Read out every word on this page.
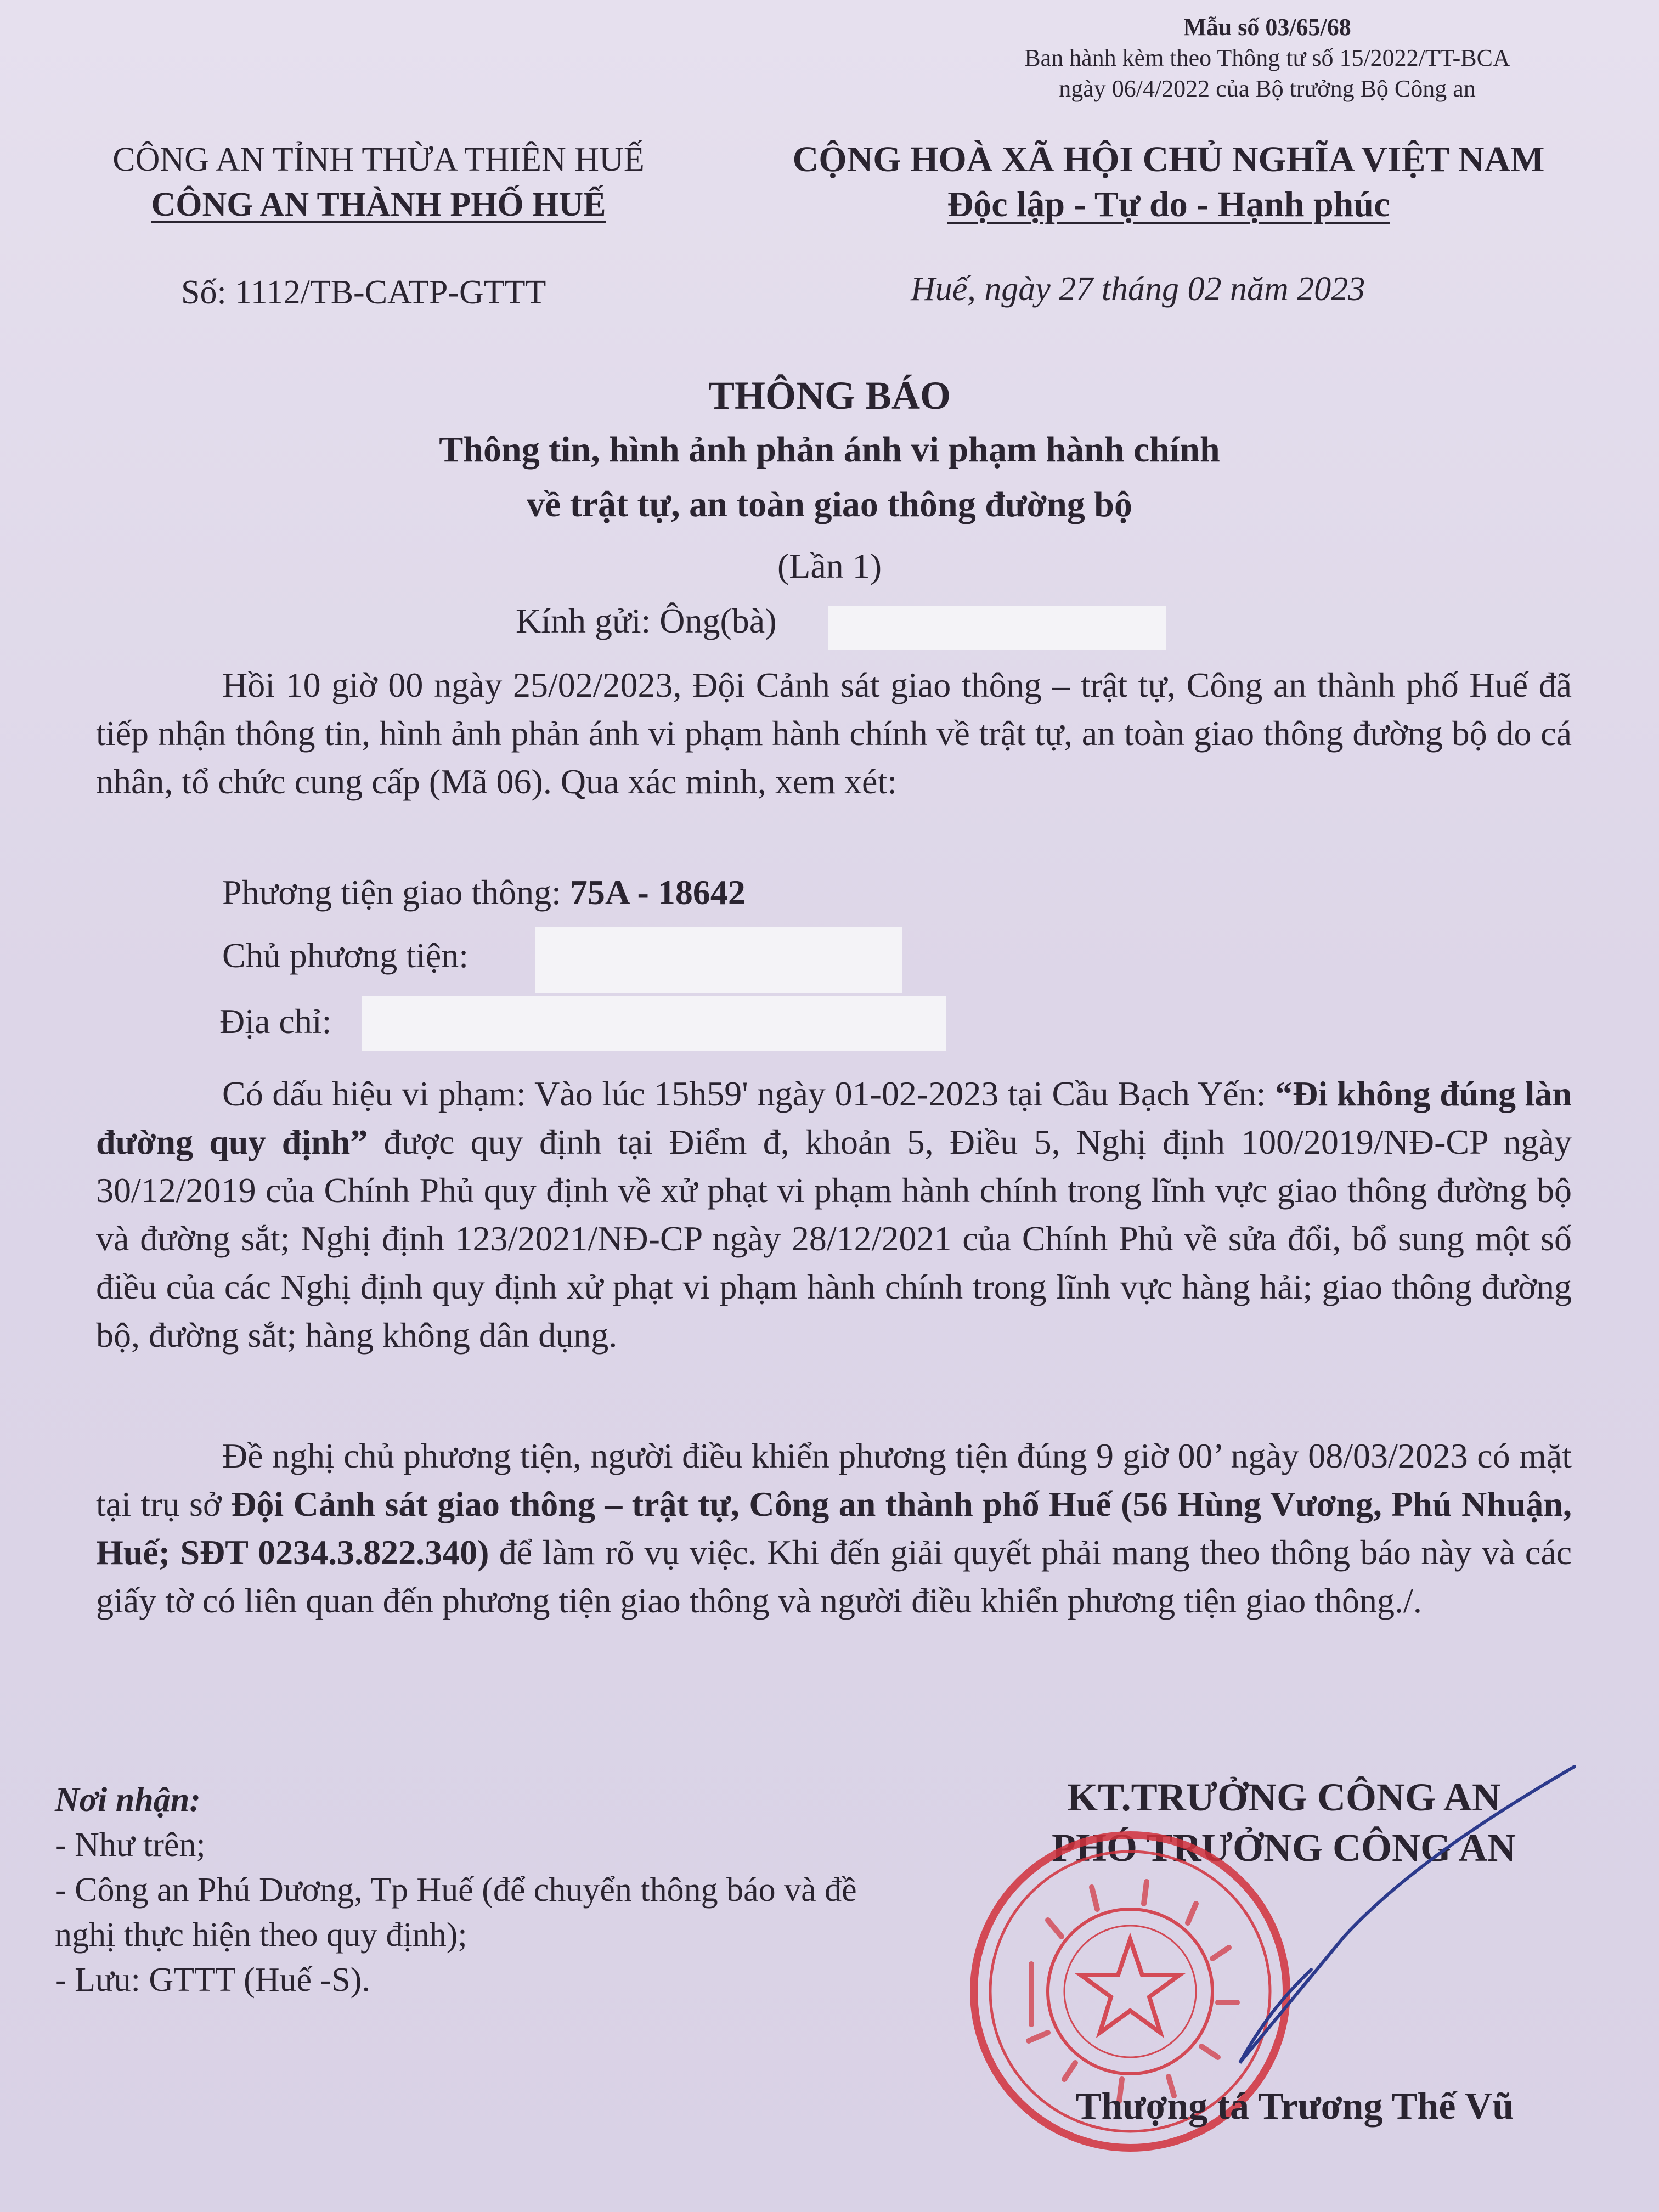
Mẫu số 03/65/68
Ban hành kèm theo Thông tư số 15/2022/TT-BCA
ngày 06/4/2022 của Bộ trưởng Bộ Công an
CÔNG AN TỈNH THỪA THIÊN HUẾ
CÔNG AN THÀNH PHỐ HUẾ
Số: 1112/TB-CATP-GTTT
CỘNG HOÀ XÃ HỘI CHỦ NGHĨA VIỆT NAM
Độc lập - Tự do - Hạnh phúc
Huế, ngày 27 tháng 02 năm 2023
THÔNG BÁO
Thông tin, hình ảnh phản ánh vi phạm hành chính
về trật tự, an toàn giao thông đường bộ
(Lần 1)
Kính gửi: Ông(bà)

Hồi 10 giờ 00 ngày 25/02/2023, Đội Cảnh sát giao thông – trật tự, Công an thành phố Huế đã tiếp nhận thông tin, hình ảnh phản ánh vi phạm hành chính về trật tự, an toàn giao thông đường bộ do cá nhân, tổ chức cung cấp (Mã 06). Qua xác minh, xem xét:

Phương tiện giao thông: 75A - 18642
Chủ phương tiện:
Địa chỉ:

Có dấu hiệu vi phạm: Vào lúc 15h59' ngày 01-02-2023 tại Cầu Bạch Yến: “Đi không đúng làn đường quy định” được quy định tại Điểm đ, khoản 5, Điều 5, Nghị định 100/2019/NĐ-CP ngày 30/12/2019 của Chính Phủ quy định về xử phạt vi phạm hành chính trong lĩnh vực giao thông đường bộ và đường sắt; Nghị định 123/2021/NĐ-CP ngày 28/12/2021 của Chính Phủ về sửa đổi, bổ sung một số điều của các Nghị định quy định xử phạt vi phạm hành chính trong lĩnh vực hàng hải; giao thông đường bộ, đường sắt; hàng không dân dụng.

Đề nghị chủ phương tiện, người điều khiển phương tiện đúng 9 giờ 00’ ngày 08/03/2023 có mặt tại trụ sở Đội Cảnh sát giao thông – trật tự, Công an thành phố Huế (56 Hùng Vương, Phú Nhuận, Huế; SĐT 0234.3.822.340) để làm rõ vụ việc. Khi đến giải quyết phải mang theo thông báo này và các giấy tờ có liên quan đến phương tiện giao thông và người điều khiển phương tiện giao thông./.

Nơi nhận:
- Như trên;
- Công an Phú Dương, Tp Huế (để chuyển thông báo và đề nghị thực hiện theo quy định);
- Lưu: GTTT (Huế -S).
KT.TRƯỞNG CÔNG AN
PHÓ TRƯỞNG CÔNG AN
Thượng tá Trương Thế Vũ
